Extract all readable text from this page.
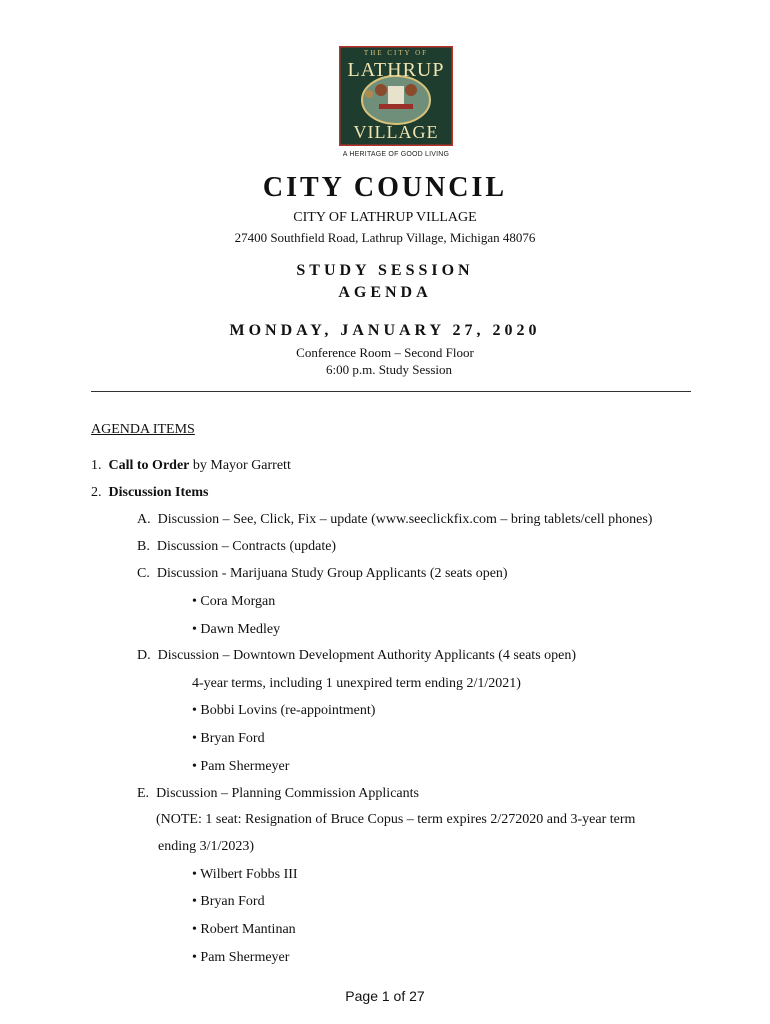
THE CITY OF
LATHRUP
VILLAGE
A HERITAGE OF GOOD LIVING
CITY COUNCIL
CITY OF LATHRUP VILLAGE
27400 Southfield Road, Lathrup Village, Michigan 48076
STUDY SESSION
AGENDA
MONDAY, JANUARY 27, 2020
Conference Room – Second Floor
6:00 p.m. Study Session
AGENDA ITEMS
1. Call to Order by Mayor Garrett
2. Discussion Items
A. Discussion – See, Click, Fix – update (www.seeclickfix.com – bring tablets/cell phones)
B. Discussion – Contracts (update)
C. Discussion - Marijuana Study Group Applicants (2 seats open)
• Cora Morgan
• Dawn Medley
D. Discussion – Downtown Development Authority Applicants (4 seats open)
4-year terms, including 1 unexpired term ending 2/1/2021)
• Bobbi Lovins (re-appointment)
• Bryan Ford
• Pam Shermeyer
E. Discussion – Planning Commission Applicants
(NOTE: 1 seat: Resignation of Bruce Copus – term expires 2/272020 and 3-year term
ending 3/1/2023)
• Wilbert Fobbs III
• Bryan Ford
• Robert Mantinan
• Pam Shermeyer
Page 1 of 27
